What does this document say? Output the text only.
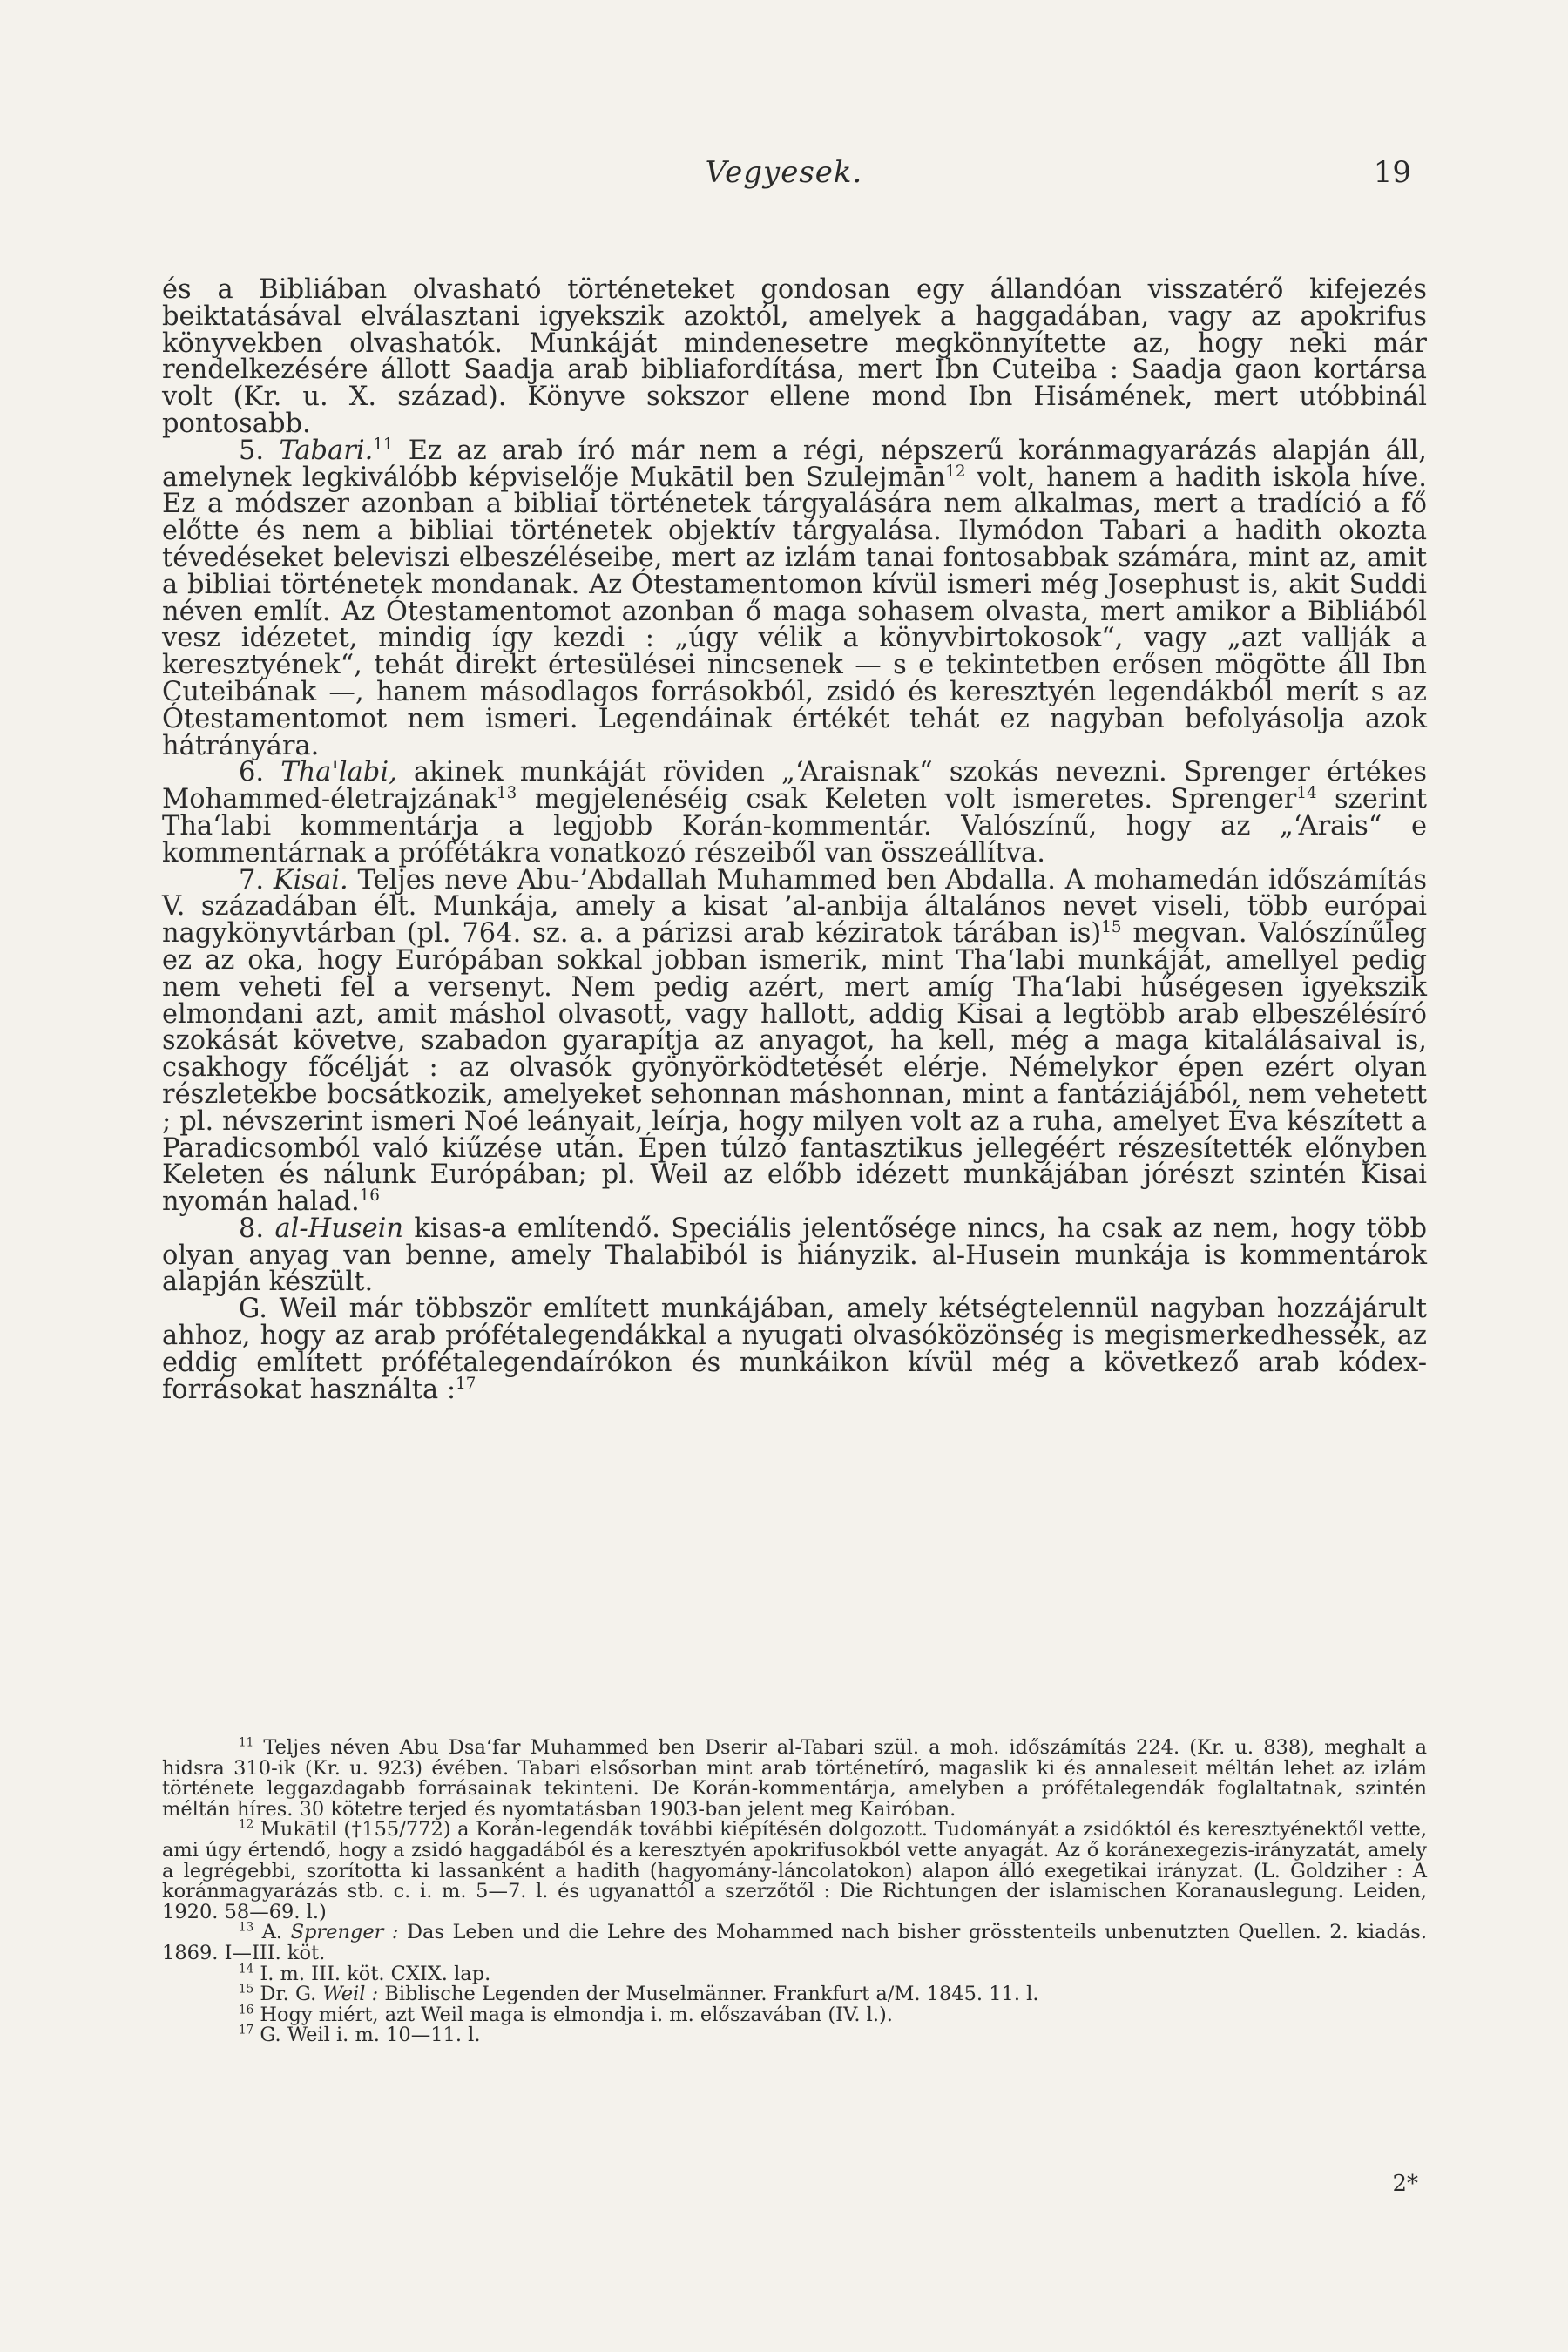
Vegyesek.	19

és a Bibliában olvasható történeteket gondosan egy állandóan visszatérő kifejezés beiktatásával elválasztani igyekszik azoktól, amelyek a haggadában, vagy az apokrifus könyvekben olvashatók. Munkáját mindenesetre megkönnyítette az, hogy neki már rendelkezésére állott Saadja arab bibliafordítása, mert Ibn Cuteiba : Saadja gaon kortársa volt (Kr. u. X. század). Könyve sokszor ellene mond Ibn Hisámének, mert utóbbinál pontosabb.

5. Tabari.$^{11}$ Ez az arab író már nem a régi, népszerű koránmagyarázás alapján áll, amelynek legkiválóbb képviselője Mukātil ben Szulejmān$^{12}$ volt, hanem a hadith iskola híve. Ez a módszer azonban a bibliai történetek tárgyalására nem alkalmas, mert a tradíció a fő előtte és nem a bibliai történetek objektív tárgyalása. Ilymódon Tabari a hadith okozta tévedéseket beleviszi elbeszéléseibe, mert az izlám tanai fontosabbak számára, mint az, amit a bibliai történetek mondanak. Az Ótestamentomon kívül ismeri még Josephust is, akit Suddi néven említ. Az Ótestamentomot azonban ő maga sohasem olvasta, mert amikor a Bibliából vesz idézetet, mindig így kezdi : „úgy vélik a könyvbirtokosok“, vagy „azt vallják a keresztyének“, tehát direkt értesülései nincsenek — s e tekintetben erősen mögötte áll Ibn Cuteibának —, hanem másodlagos forrásokból, zsidó és keresztyén legendákból merít s az Ótestamentomot nem ismeri. Legendáinak értékét tehát ez nagyban befolyásolja azok hátrányára.

6. Tha'labi, akinek munkáját röviden „‘Araisnak“ szokás nevezni. Sprenger értékes Mohammed-életrajzának$^{13}$ megjelenéséig csak Keleten volt ismeretes. Sprenger$^{14}$ szerint Tha‘labi kommentárja a legjobb Korán-kommentár. Valószínű, hogy az „‘Arais“ e kommentárnak a prófétákra vonatkozó részeiből van összeállítva.

7. Kisai. Teljes neve Abu-’Abdallah Muhammed ben Abdalla. A mohamedán időszámítás V. századában élt. Munkája, amely a kisat ’al-anbija általános nevet viseli, több európai nagykönyvtárban (pl. 764. sz. a. a párizsi arab kéziratok tárában is)$^{15}$ megvan. Valószínűleg ez az oka, hogy Európában sokkal jobban ismerik, mint Tha‘labi munkáját, amellyel pedig nem veheti fel a versenyt. Nem pedig azért, mert amíg Tha‘labi hűségesen igyekszik elmondani azt, amit máshol olvasott, vagy hallott, addig Kisai a legtöbb arab elbeszélésíró szokását követve, szabadon gyarapítja az anyagot, ha kell, még a maga kitalálásaival is, csakhogy főcélját : az olvasók gyönyörködtetését elérje. Némelykor épen ezért olyan részletekbe bocsátkozik, amelyeket sehonnan máshonnan, mint a fantáziájából, nem vehetett ; pl. névszerint ismeri Noé leányait, leírja, hogy milyen volt az a ruha, amelyet Éva készített a Paradicsomból való kiűzése után. Épen túlzó fantasztikus jellegéért részesítették előnyben Keleten és nálunk Európában; pl. Weil az előbb idézett munkájában jórészt szintén Kisai nyomán halad.$^{16}$

8. al-Husein kisas-a említendő. Speciális jelentősége nincs, ha csak az nem, hogy több olyan anyag van benne, amely Thalabiból is hiányzik. al-Husein munkája is kommentárok alapján készült.

G. Weil már többször említett munkájában, amely kétségtelennül nagyban hozzájárult ahhoz, hogy az arab prófétalegendákkal a nyugati olvasóközönség is megismerkedhessék, az eddig említett prófétalegendaírókon és munkáikon kívül még a következő arab kódex-forrásokat használta :$^{17}$

$^{11}$ Teljes néven Abu Dsa‘far Muhammed ben Dserir al-Tabari szül. a moh. időszámítás 224. (Kr. u. 838), meghalt a hidsra 310-ik (Kr. u. 923) évében. Tabari elsősorban mint arab történetíró, magaslik ki és annaleseit méltán lehet az izlám története leggazdagabb forrásainak tekinteni. De Korán-kommentárja, amelyben a prófétalegendák foglaltatnak, szintén méltán híres. 30 kötetre terjed és nyomtatásban 1903-ban jelent meg Kairóban.

$^{12}$ Mukātil (†155/772) a Korán-legendák további kiépítésén dolgozott. Tudományát a zsidóktól és keresztyénektől vette, ami úgy értendő, hogy a zsidó haggadából és a keresztyén apokrifusokból vette anyagát. Az ő koránexegezis-irányzatát, amely a legrégebbi, szorította ki lassanként a hadith (hagyomány-láncolatokon) alapon álló exegetikai irányzat. (L. Goldziher : A koránmagyarázás stb. c. i. m. 5—7. l. és ugyanattól a szerzőtől : Die Richtungen der islamischen Koranauslegung. Leiden, 1920. 58—69. l.)

$^{13}$ A. Sprenger : Das Leben und die Lehre des Mohammed nach bisher grösstenteils unbenutzten Quellen. 2. kiadás. 1869. I—III. köt.

$^{14}$ I. m. III. köt. CXIX. lap.

$^{15}$ Dr. G. Weil : Biblische Legenden der Muselmänner. Frankfurt a/M. 1845. 11. l.

$^{16}$ Hogy miért, azt Weil maga is elmondja i. m. előszavában (IV. l.).

$^{17}$ G. Weil i. m. 10—11. l.

2*
